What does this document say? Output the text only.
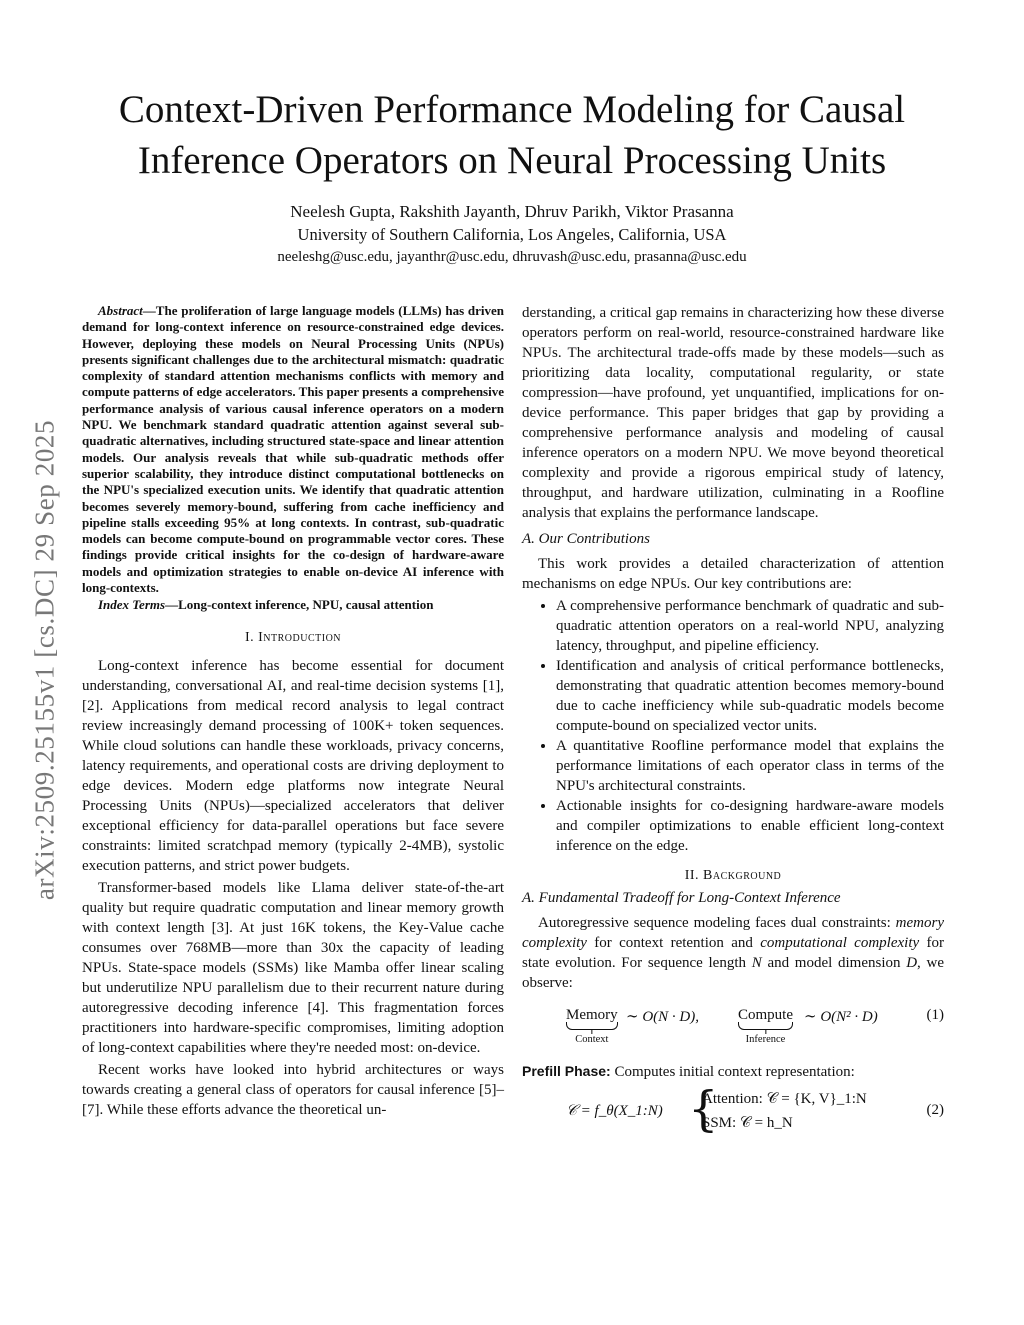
arXiv:2509.25155v1 [cs.DC] 29 Sep 2025
Context-Driven Performance Modeling for Causal
Inference Operators on Neural Processing Units
Neelesh Gupta, Rakshith Jayanth, Dhruv Parikh, Viktor Prasanna
University of Southern California, Los Angeles, California, USA
neeleshg@usc.edu, jayanthr@usc.edu, dhruvash@usc.edu, prasanna@usc.edu

Abstract—The proliferation of large language models (LLMs) has driven demand for long-context inference on resource-constrained edge devices. However, deploying these models on Neural Processing Units (NPUs) presents significant challenges due to the architectural mismatch: quadratic complexity of standard attention mechanisms conflicts with memory and compute patterns of edge accelerators. This paper presents a comprehensive performance analysis of various causal inference operators on a modern NPU. We benchmark standard quadratic attention against several sub-quadratic alternatives, including structured state-space and linear attention models. Our analysis reveals that while sub-quadratic methods offer superior scalability, they introduce distinct computational bottlenecks on the NPU's specialized execution units. We identify that quadratic attention becomes severely memory-bound, suffering from cache inefficiency and pipeline stalls exceeding 95% at long contexts. In contrast, sub-quadratic models can become compute-bound on programmable vector cores. These findings provide critical insights for the co-design of hardware-aware models and optimization strategies to enable on-device AI inference with long-contexts.

Index Terms—Long-context inference, NPU, causal attention

I. Introduction

Long-context inference has become essential for document understanding, conversational AI, and real-time decision systems [1], [2]. Applications from medical record analysis to legal contract review increasingly demand processing of 100K+ token sequences. While cloud solutions can handle these workloads, privacy concerns, latency requirements, and operational costs are driving deployment to edge devices. Modern edge platforms now integrate Neural Processing Units (NPUs)—specialized accelerators that deliver exceptional efficiency for data-parallel operations but face severe constraints: limited scratchpad memory (typically 2-4MB), systolic execution patterns, and strict power budgets.

Transformer-based models like Llama deliver state-of-the-art quality but require quadratic computation and linear memory growth with context length [3]. At just 16K tokens, the Key-Value cache consumes over 768MB—more than 30x the capacity of leading NPUs. State-space models (SSMs) like Mamba offer linear scaling but underutilize NPU parallelism due to their recurrent nature during autoregressive decoding inference [4]. This fragmentation forces practitioners into hardware-specific compromises, limiting adoption of long-context capabilities where they're needed most: on-device.

Recent works have looked into hybrid architectures or ways towards creating a general class of operators for causal inference [5]–[7]. While these efforts advance the theoretical un-

derstanding, a critical gap remains in characterizing how these diverse operators perform on real-world, resource-constrained hardware like NPUs. The architectural trade-offs made by these models—such as prioritizing data locality, computational regularity, or state compression—have profound, yet unquantified, implications for on-device performance. This paper bridges that gap by providing a comprehensive performance analysis and modeling of causal inference operators on a modern NPU. We move beyond theoretical complexity and provide a rigorous empirical study of latency, throughput, and hardware utilization, culminating in a Roofline analysis that explains the performance landscape.

A. Our Contributions

This work provides a detailed characterization of attention mechanisms on edge NPUs. Our key contributions are:

• A comprehensive performance benchmark of quadratic and sub-quadratic attention operators on a real-world NPU, analyzing latency, throughput, and pipeline efficiency.
• Identification and analysis of critical performance bottlenecks, demonstrating that quadratic attention becomes memory-bound due to cache inefficiency while sub-quadratic models become compute-bound on specialized vector units.
• A quantitative Roofline performance model that explains the performance limitations of each operator class in terms of the NPU's architectural constraints.
• Actionable insights for co-designing hardware-aware models and compiler optimizations to enable efficient long-context inference on the edge.
II. Background
A. Fundamental Tradeoff for Long-Context Inference

Autoregressive sequence modeling faces dual constraints: memory complexity for context retention and computational complexity for state evolution. For sequence length N and model dimension D, we observe:

Memory
Context
∼ O(N · D),	Compute
Inference
∼ O(N² · D)	(1)

Prefill Phase: Computes initial context representation:

𝒞 = f_θ(X_1:N) {
Attention: 𝒞 = {K, V}_1:N
SSM: 𝒞 = h_N
(2)
